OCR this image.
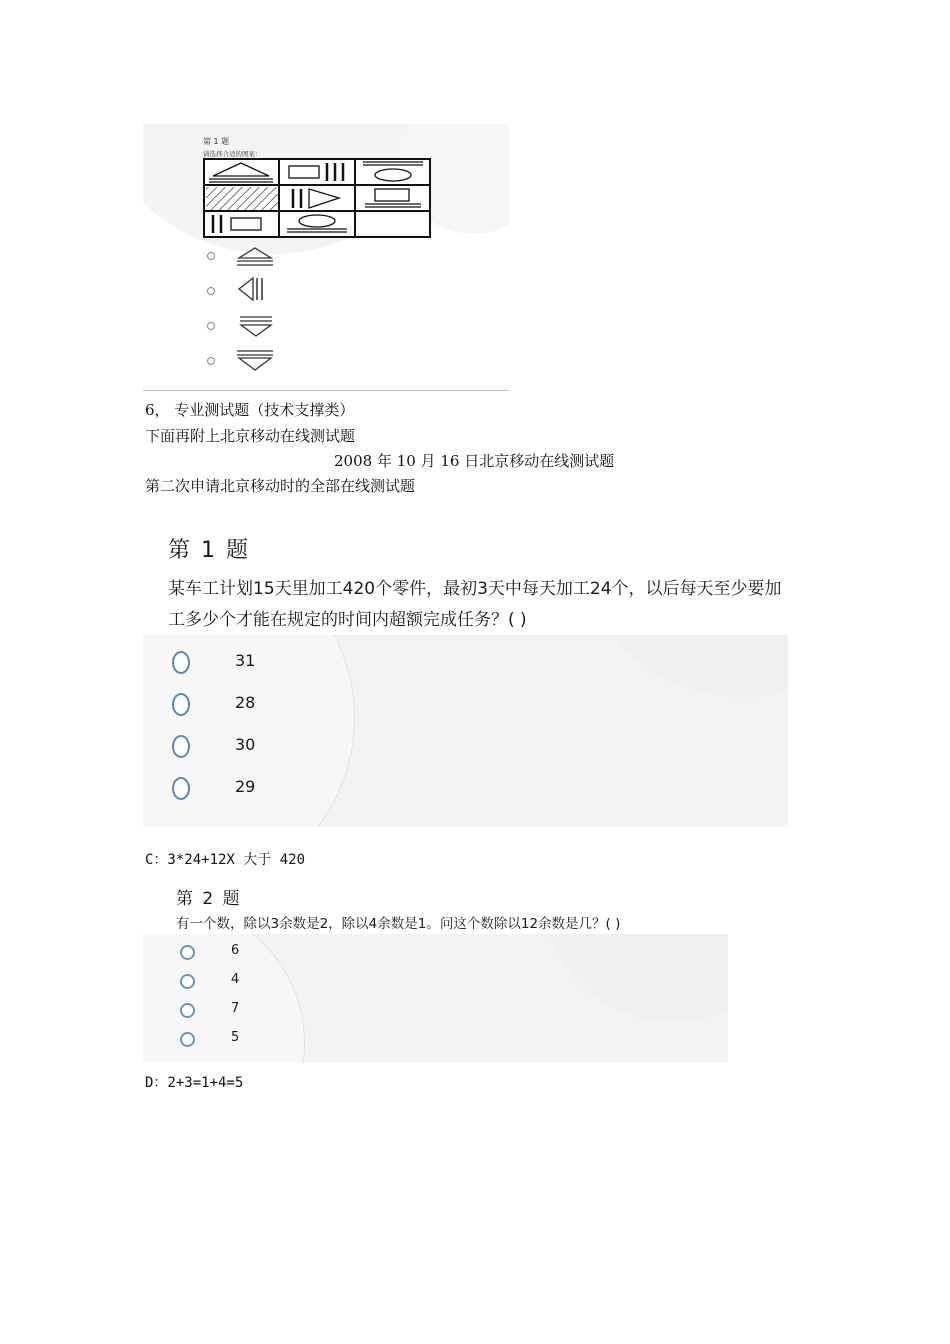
第 1 题
请选择合适的图案：
6， 专业测试题（技术支撑类）
下面再附上北京移动在线测试题
2008 年 10 月 16 日北京移动在线测试题
第二次申请北京移动时的全部在线测试题
第 1 题
某车工计划15天里加工420个零件，最初3天中每天加工24个，以后每天至少要加工多少个才能在规定的时间内超额完成任务？( )
31
28
30
29
C：3*24+12X 大于 420
第 2 题
有一个数，除以3余数是2，除以4余数是1。问这个数除以12余数是几？( )
6
4
7
5
D：2+3=1+4=5
